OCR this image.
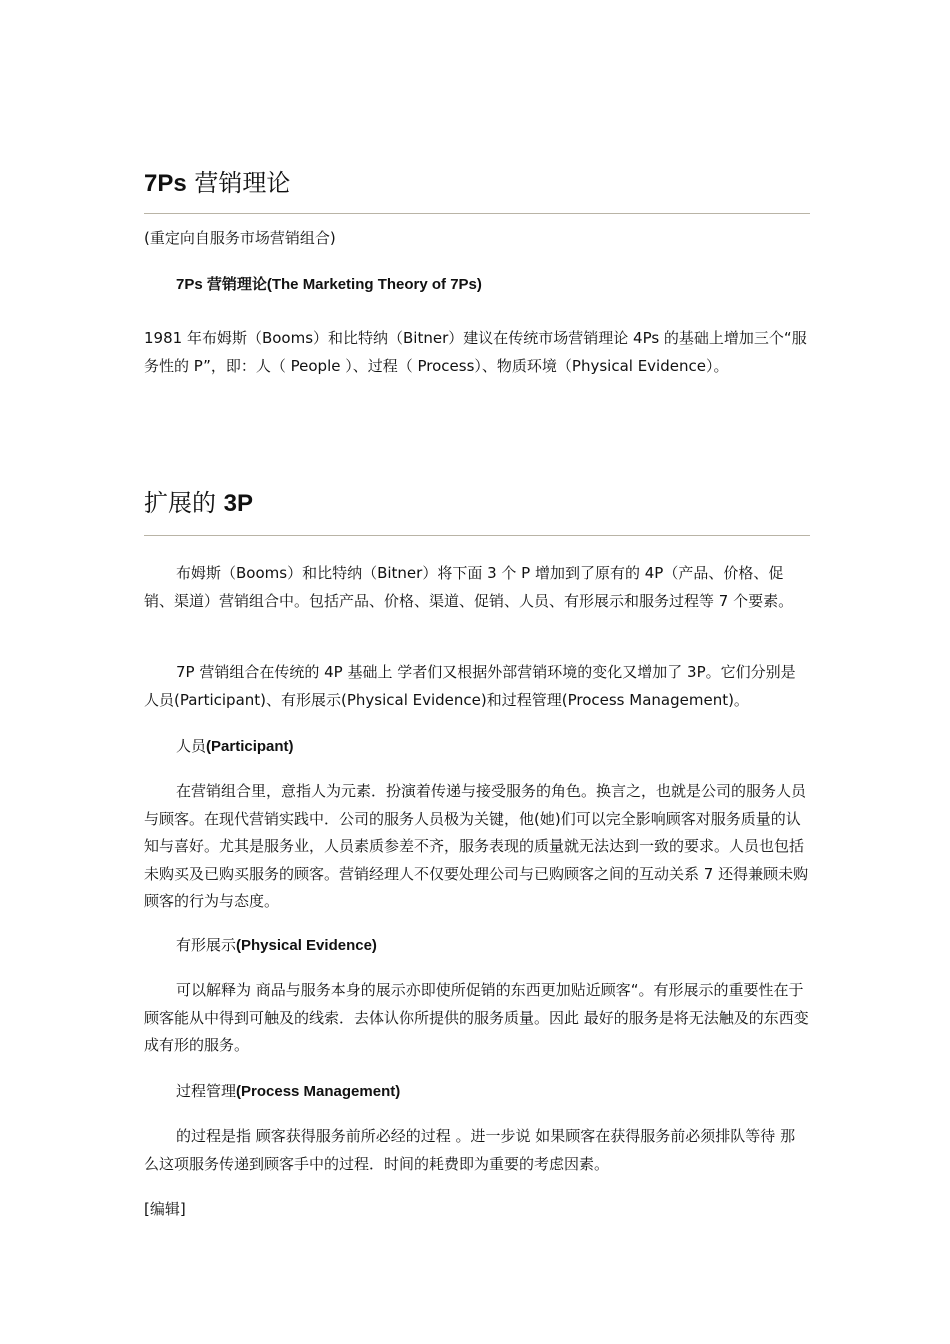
7Ps 营销理论
(重定向自服务市场营销组合)
7Ps 营销理论(The Marketing Theory of 7Ps)
1981 年布姆斯（Booms）和比特纳（Bitner）建议在传统市场营销理论 4Ps 的基础上增加三个“服务性的 P”，即：人（ People ）、过程（ Process）、物质环境（Physical Evidence）。
扩展的 3P
布姆斯（Booms）和比特纳（Bitner）将下面 3 个 P 增加到了原有的 4P（产品、价格、促销、渠道）营销组合中。包括产品、价格、渠道、促销、人员、有形展示和服务过程等 7 个要素。
7P 营销组合在传统的 4P 基础上 学者们又根据外部营销环境的变化又增加了 3P。它们分别是人员(Participant)、有形展示(Physical Evidence)和过程管理(Process Management)。
人员(Participant)
在营销组合里，意指人为元素．扮演着传递与接受服务的角色。换言之，也就是公司的服务人员与顾客。在现代营销实践中．公司的服务人员极为关键，他(她)们可以完全影响顾客对服务质量的认知与喜好。尤其是服务业，人员素质参差不齐，服务表现的质量就无法达到一致的要求。人员也包括未购买及已购买服务的顾客。营销经理人不仅要处理公司与已购顾客之间的互动关系 7 还得兼顾未购顾客的行为与态度。
有形展示(Physical Evidence)
可以解释为 商品与服务本身的展示亦即使所促销的东西更加贴近顾客“。有形展示的重要性在于顾客能从中得到可触及的线索．去体认你所提供的服务质量。因此 最好的服务是将无法触及的东西变成有形的服务。
过程管理(Process Management)
的过程是指 顾客获得服务前所必经的过程 。进一步说 如果顾客在获得服务前必须排队等待 那么这项服务传递到顾客手中的过程．时间的耗费即为重要的考虑因素。
[编辑]
